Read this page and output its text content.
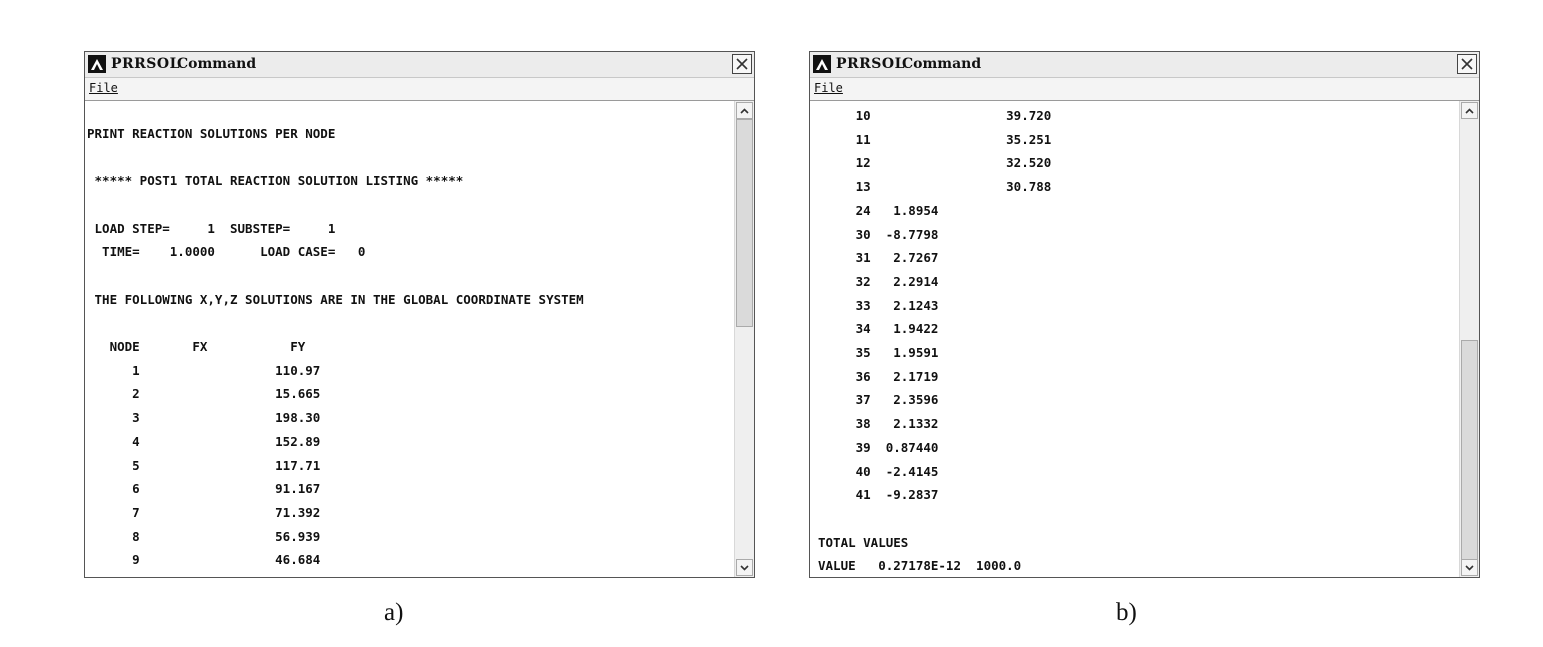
PRRSOL
Command
File
PRINT REACTION SOLUTIONS PER NODE
***** POST1 TOTAL REACTION SOLUTION LISTING *****
LOAD STEP=     1  SUBSTEP=     1
TIME=    1.0000      LOAD CASE=   0
THE FOLLOWING X,Y,Z SOLUTIONS ARE IN THE GLOBAL COORDINATE SYSTEM
NODE       FX           FY
1                  110.97
2                  15.665
3                  198.30
4                  152.89
5                  117.71
6                  91.167
7                  71.392
8                  56.939
9                  46.684
PRRSOL
Command
File
10                  39.720
11                  35.251
12                  32.520
13                  30.788
24   1.8954
30  -8.7798
31   2.7267
32   2.2914
33   2.1243
34   1.9422
35   1.9591
36   2.1719
37   2.3596
38   2.1332
39  0.87440
40  -2.4145
41  -9.2837
TOTAL VALUES
VALUE   0.27178E-12  1000.0
a)	b)
